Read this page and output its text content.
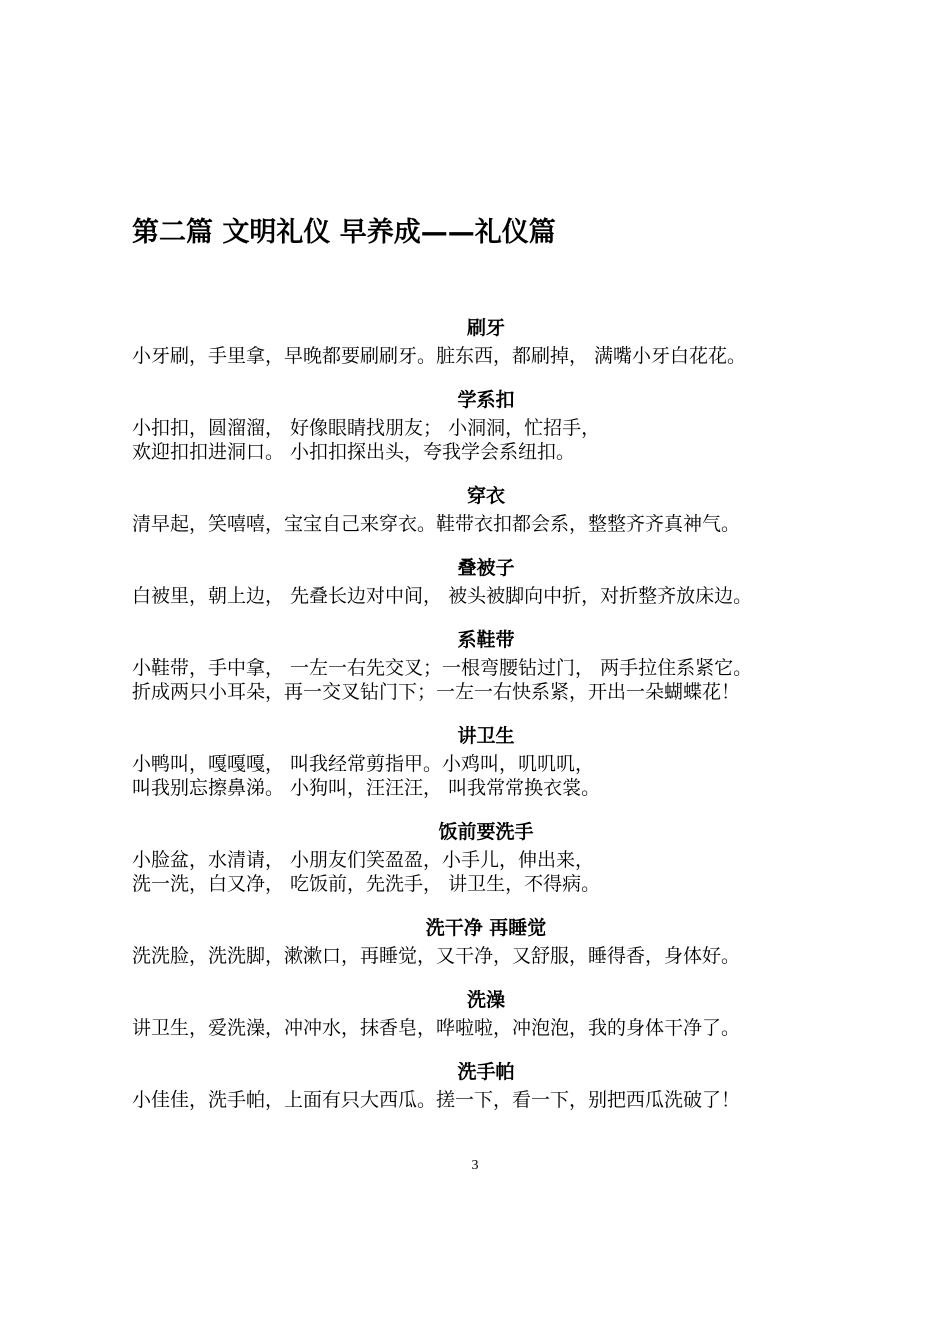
第二篇 文明礼仪 早养成——礼仪篇
刷牙
小牙刷，手里拿，早晚都要刷刷牙。脏东西，都刷掉， 满嘴小牙白花花。
学系扣
小扣扣，圆溜溜， 好像眼睛找朋友； 小洞洞，忙招手，
欢迎扣扣进洞口。 小扣扣探出头，夸我学会系纽扣。
穿衣
清早起，笑嘻嘻，宝宝自己来穿衣。鞋带衣扣都会系，整整齐齐真神气。
叠被子
白被里，朝上边， 先叠长边对中间， 被头被脚向中折，对折整齐放床边。
系鞋带
小鞋带，手中拿， 一左一右先交叉；一根弯腰钻过门， 两手拉住系紧它。
折成两只小耳朵，再一交叉钻门下；一左一右快系紧，开出一朵蝴蝶花！
讲卫生
小鸭叫，嘎嘎嘎， 叫我经常剪指甲。小鸡叫，叽叽叽，
叫我别忘擦鼻涕。 小狗叫，汪汪汪， 叫我常常换衣裳。
饭前要洗手
小脸盆，水清请， 小朋友们笑盈盈，小手儿，伸出来，
洗一洗，白又净， 吃饭前，先洗手， 讲卫生，不得病。
洗干净 再睡觉
洗洗脸，洗洗脚，漱漱口，再睡觉，又干净，又舒服，睡得香，身体好。
洗澡
讲卫生，爱洗澡，冲冲水，抹香皂，哗啦啦，冲泡泡，我的身体干净了。
洗手帕
小佳佳，洗手帕，上面有只大西瓜。搓一下，看一下，别把西瓜洗破了！
3
